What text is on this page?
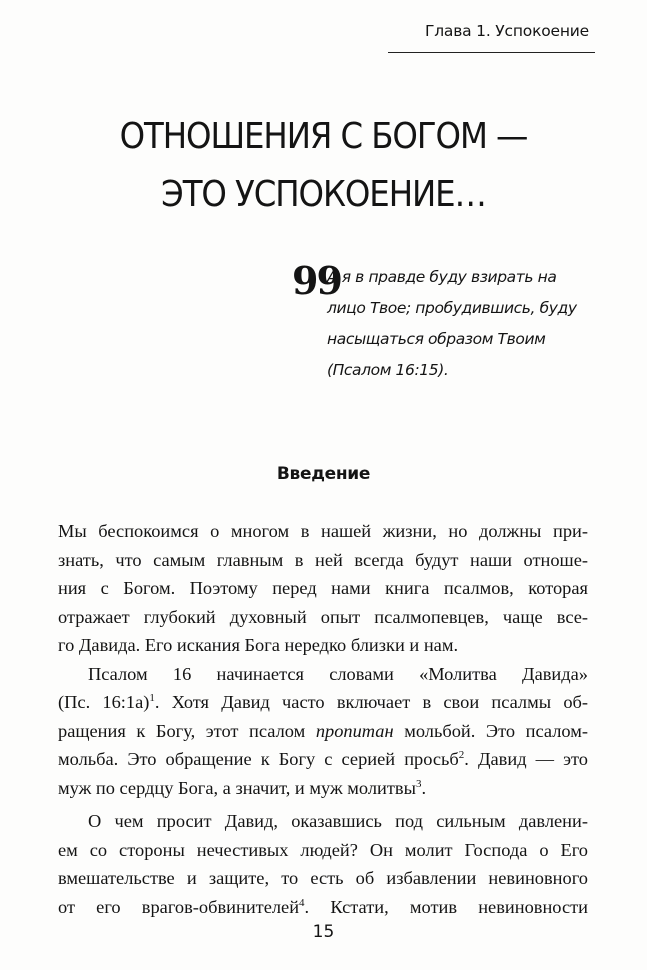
Глава 1. Успокоение
ОТНОШЕНИЯ С БОГОМ —
ЭТО УСПОКОЕНИЕ…
99
А я в правде буду взирать на
лицо Твое; пробудившись, буду
насыщаться образом Твоим
(Псалом 16:15).
Введение
Мы беспокоимся о многом в нашей жизни, но должны при-
знать, что самым главным в ней всегда будут наши отноше-
ния с Богом. Поэтому перед нами книга псалмов, которая
отражает глубокий духовный опыт псалмопевцев, чаще все-
го Давида. Его искания Бога нередко близки и нам.
Псалом 16 начинается словами «Молитва Давида»
(Пс. 16:1а)$^1$. Хотя Давид часто включает в свои псалмы об-
ращения к Богу, этот псалом пропитан мольбой. Это псалом-
мольба. Это обращение к Богу с серией просьб$^2$. Давид — это
муж по сердцу Бога, а значит, и муж молитвы$^3$.
О чем просит Давид, оказавшись под сильным давлени-
ем со стороны нечестивых людей? Он молит Господа о Его
вмешательстве и защите, то есть об избавлении невиновного
от его врагов-обвинителей$^4$. Кстати, мотив невиновности
15
